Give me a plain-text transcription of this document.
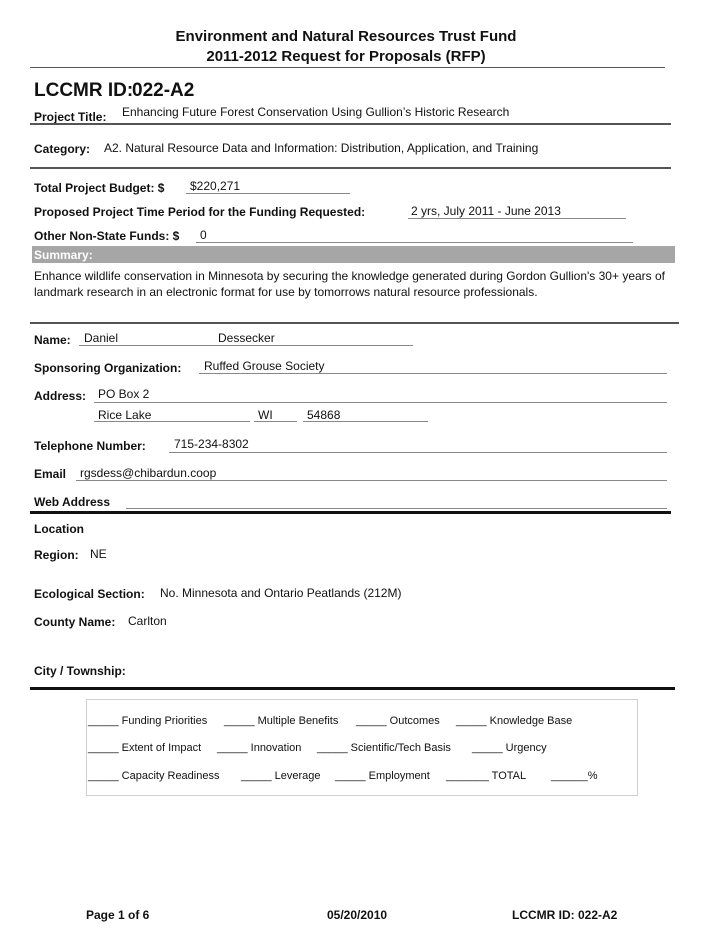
Environment and Natural Resources Trust Fund
2011-2012 Request for Proposals (RFP)
LCCMR ID:
022-A2
Project Title: Enhancing Future Forest Conservation Using Gullion’s Historic Research
Category: A2. Natural Resource Data and Information: Distribution, Application, and Training
Total Project Budget: $ $220,271
Proposed Project Time Period for the Funding Requested:	2 yrs, July 2011 - June 2013
Other Non-State Funds: $ 0
Summary:
Enhance wildlife conservation in Minnesota by securing the knowledge generated during Gordon Gullion's 30+ years of landmark research in an electronic format for use by tomorrows natural resource professionals.
Name: Daniel	Dessecker
Sponsoring Organization: Ruffed Grouse Society
Address: PO Box 2
Rice Lake	WI	54868
Telephone Number: 715-234-8302
Email rgsdess@chibardun.coop
Web Address
Location
Region: NE
Ecological Section: No. Minnesota and Ontario Peatlands (212M)
County Name: Carlton
City / Township:
_____ Funding Priorities _____ Multiple Benefits _____ Outcomes _____ Knowledge Base
_____ Extent of Impact _____ Innovation _____ Scientific/Tech Basis _____ Urgency
_____ Capacity Readiness _____ Leverage _____ Employment _______ TOTAL ______%
Page 1 of 6	05/20/2010	LCCMR ID: 022-A2
